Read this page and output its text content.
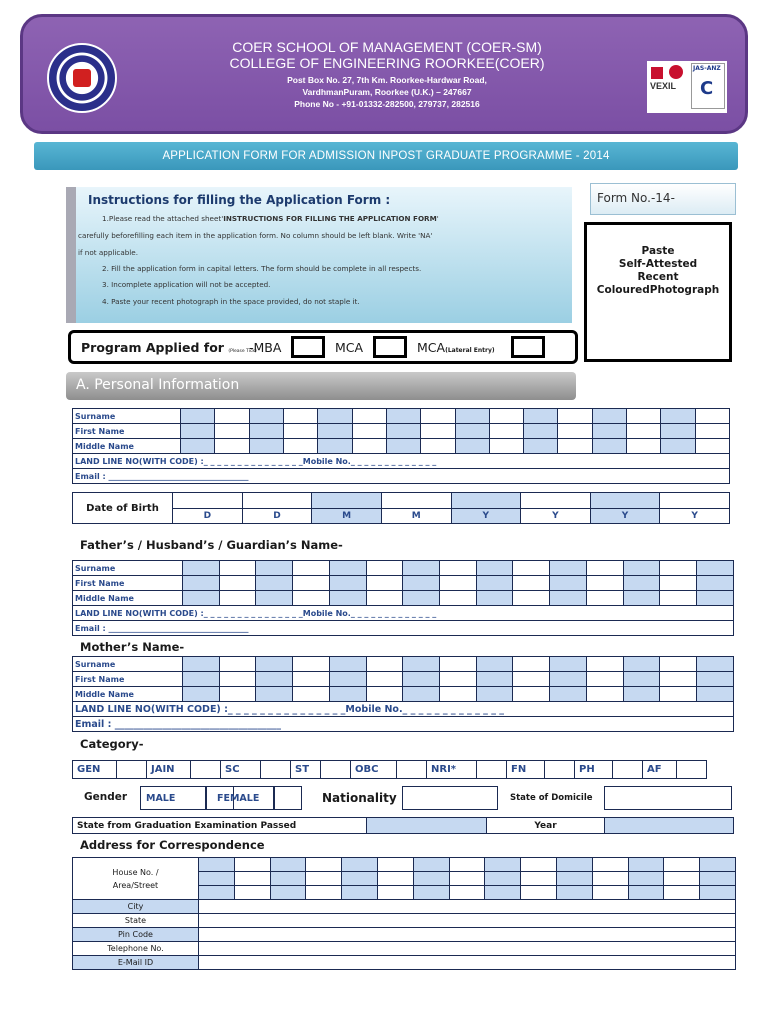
COER SCHOOL OF MANAGEMENT (COER-SM)
COLLEGE OF ENGINEERING ROORKEE(COER)
Post Box No. 27, 7th Km. Roorkee-Hardwar Road,
VardhmanPuram, Roorkee (U.K.) – 247667
Phone No - +91-01332-282500, 279737, 282516
VEXIL
JAS-ANZ
C
APPLICATION FORM FOR ADMISSION INPOST GRADUATE PROGRAMME - 2014
Instructions for filling the Application Form :

1.Please read the attached sheet'INSTRUCTIONS FOR FILLING THE APPLICATION FORM'

carefully beforefilling each item in the application form. No column should be left blank. Write 'NA'

if not applicable.

2. Fill the application form in capital letters. The form should be complete in all respects.

3. Incomplete application will not be accepted.

4. Paste your recent photograph in the space provided, do not staple it.

Form No.-14-
Paste
Self-Attested
Recent
ColouredPhotograph
Program Applied for (Please Tick)
-MBA	MCA	MCA(Lateral Entry)
A. Personal Information
Surname																
First Name																
Middle Name																
LAND LINE NO(WITH CODE) :_ _ _ _ _ _ _ _ _ _ _ _ _ _ _Mobile No._ _ _ _ _ _ _ _ _ _ _ _ _																
Email : ___________________________________																
Date of Birth								
	D	D	M	M	Y	Y	Y	Y
Father’s / Husband’s / Guardian’s Name-
Surname															
First Name															
Middle Name															
LAND LINE NO(WITH CODE) :_ _ _ _ _ _ _ _ _ _ _ _ _ _ _Mobile No._ _ _ _ _ _ _ _ _ _ _ _ _															
Email : ___________________________________															
Mother’s Name-
Surname															
First Name															
Middle Name															
LAND LINE NO(WITH CODE) :_ _ _ _ _ _ _ _ _ _ _ _ _ _ _Mobile No._ _ _ _ _ _ _ _ _ _ _ _ _															
Email : ___________________________________															
Category-
GEN		JAIN		SC		ST		OBC		NRI*		FN		PH		AF	
Gender	MALE	FEMALE	Nationality	State of Domicile
State from Graduation Examination Passed		Year	
Address for Correspondence
House No. /
Area/Street															

City															
State															
Pin Code															
Telephone No.															
E-Mail ID															
